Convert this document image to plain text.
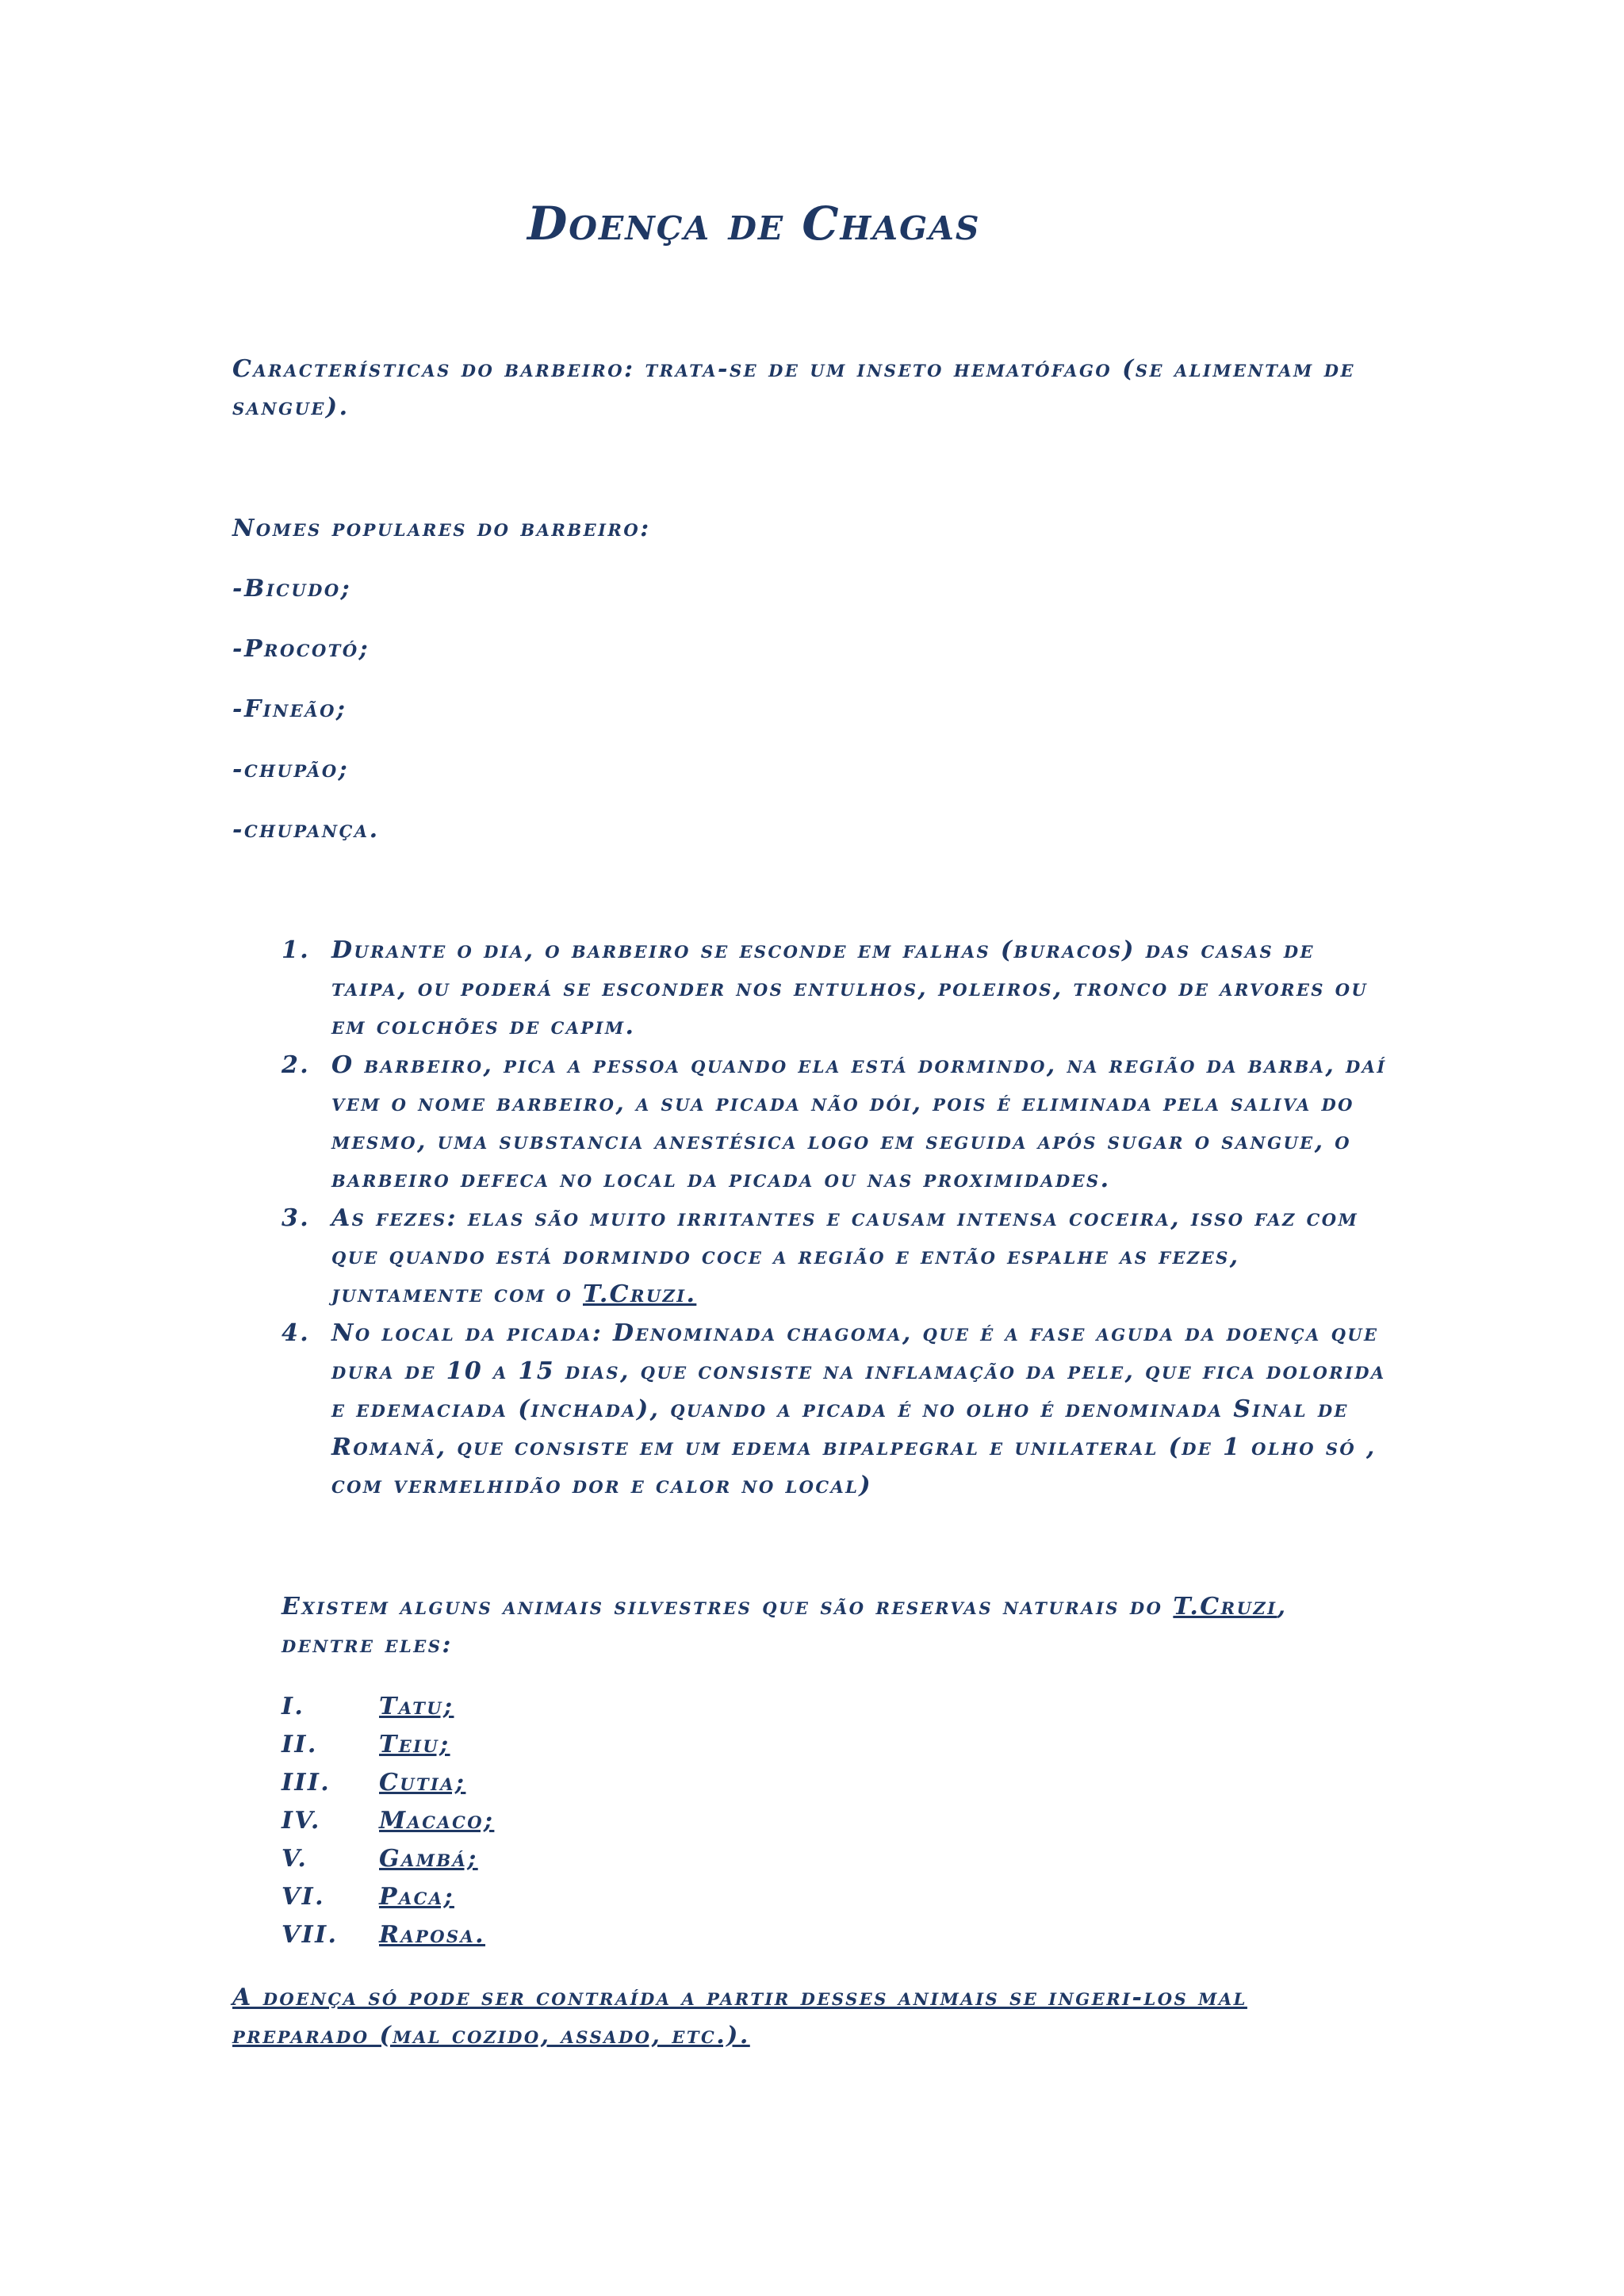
Doença de Chagas

Características do barbeiro: trata-se de um inseto hematófago (se alimentam de sangue).

Nomes populares do barbeiro:

-Bicudo;

-Procotó;

-Fineão;

-chupão;

-chupança.

1. Durante o dia, o barbeiro se esconde em falhas (buracos) das casas de taipa, ou poderá se esconder nos entulhos, poleiros, tronco de arvores ou em colchões de capim.
2. O barbeiro, pica a pessoa quando ela está dormindo, na região da barba, daí vem o nome barbeiro, a sua picada não dói, pois é eliminada pela saliva do mesmo, uma substancia anestésica logo em seguida após sugar o sangue, o barbeiro defeca no local da picada ou nas proximidades.
3. As fezes: elas são muito irritantes e causam intensa coceira, isso faz com que quando está dormindo coce a região e então espalhe as fezes, juntamente com o T.Cruzi.
4. No local da picada: Denominada chagoma, que é a fase aguda da doença que dura de 10 a 15 dias, que consiste na inflamação da pele, que fica dolorida e edemaciada (inchada), quando a picada é no olho é denominada Sinal de Romanã, que consiste em um edema bipalpegral e unilateral (de 1 olho só , com vermelhidão dor e calor no local)

Existem alguns animais silvestres que são reservas naturais do T.Cruzi, dentre eles:

I.	Tatu;
II.	Teiu;
III. Cutia;
IV. Macaco;
V.	Gambá;
VI. Paca;
VII. Raposa.

A doença só pode ser contraída a partir desses animais se ingeri-los mal preparado (mal cozido, assado, etc.).
